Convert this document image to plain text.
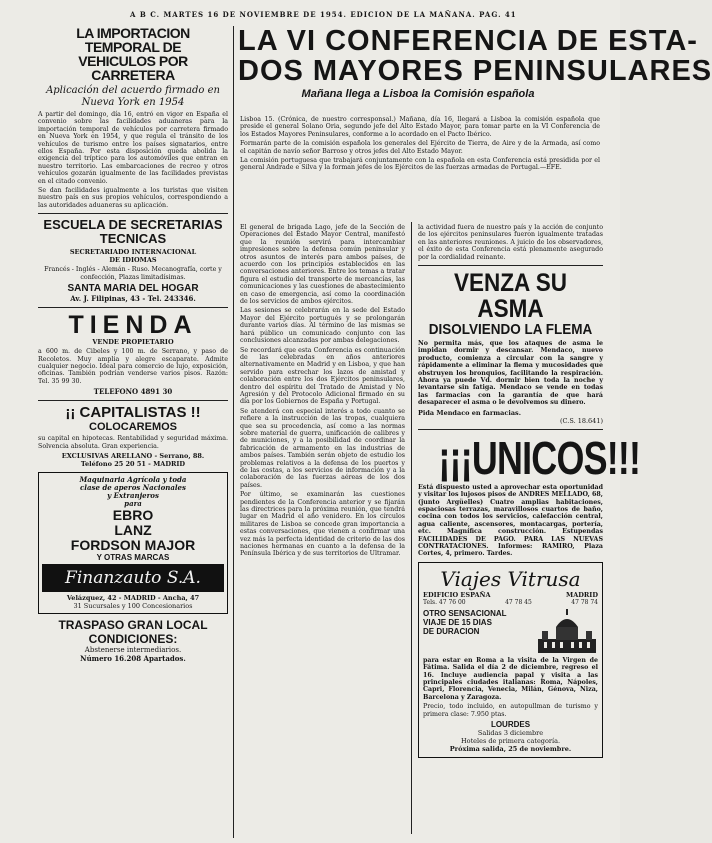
A B C. MARTES 16 DE NOVIEMBRE DE 1954. EDICION DE LA MAÑANA. PAG. 41
LA IMPORTACION TEMPORAL DE
VEHICULOS POR CARRETERA
Aplicación del acuerdo firmado en
Nueva York en 1954

A partir del domingo, día 16, entró en vigor en España el convenio sobre las facilidades aduaneras para la importación temporal de vehículos por carretera firmado en Nueva York en 1954, y que regula el tránsito de los vehículos de turismo entre los países signatarios, entre ellos España. Por esta disposición queda abolida la exigencia del tríptico para los automóviles que entran en nuestro territorio. Las embarcaciones de recreo y otros vehículos gozarán igualmente de las facilidades previstas en el citado convenio.

Se dan facilidades igualmente a los turistas que visiten nuestro país en sus propios vehículos, correspondiendo a las autoridades aduaneras su aplicación.

ESCUELA DE SECRETARIAS
TECNICAS
SECRETARIADO INTERNACIONAL
DE IDIOMAS
Francés - Inglés - Alemán - Ruso. Mecanografía, corte y confección, Plazas limitadísimas.
SANTA MARIA DEL HOGAR
Av. J. Filipinas, 43 - Tel. 243346.
TIENDA
VENDE PROPIETARIO

a 600 m. de Cibeles y 100 m. de Serrano, y paso de Recoletos. Muy amplia y alegre escaparate. Admite cualquier negocio. Ideal para comercio de lujo, exposición, oficinas. También podrían venderse varios pisos. Razón: Tel. 35 99 30.

TELEFONO 4891 30
¡¡ CAPITALISTAS !!
COLOCAREMOS

su capital en hipotecas. Rentabilidad y seguridad máxima. Solvencia absoluta. Gran experiencia.

EXCLUSIVAS ARELLANO - Serrano, 88.
Teléfono 25 20 51 - MADRID
Maquinaria Agrícola y toda
clase de aperos Nacionales
y Extranjeros
para
EBRO
LANZ
FORDSON MAJOR
Y OTRAS MARCAS
Finanzauto S.A.
Velázquez, 42 - MADRID - Ancha, 47
31 Sucursales y 100 Concesionarios
TRASPASO GRAN LOCAL
CONDICIONES:
Abstenerse intermediarios.
Número 16.208 Apartados.
LA VI CONFERENCIA DE ESTA-
DOS MAYORES PENINSULARES
Mañana llega a Lisboa la Comisión española

Lisboa 15. (Crónica, de nuestro corresponsal.) Mañana, día 16, llegará a Lisboa la comisión española que preside el general Solano Oria, segundo jefe del Alto Estado Mayor, para tomar parte en la VI Conferencia de los Estados Mayores Peninsulares, conforme a lo acordado en el Pacto Ibérico.

Formarán parte de la comisión española los generales del Ejército de Tierra, de Aire y de la Armada, así como el capitán de navío señor Barroso y otros jefes del Alto Estado Mayor.

La comisión portuguesa que trabajará conjuntamente con la española en esta Conferencia está presidida por el general Andrade e Silva y la forman jefes de los Ejércitos de las fuerzas armadas de Portugal.—EFE.

El general de brigada Lago, jefe de la Sección de Operaciones del Estado Mayor Central, manifestó que la reunión servirá para intercambiar impresiones sobre la defensa común peninsular y otros asuntos de interés para ambos países, de acuerdo con los principios establecidos en las conversaciones anteriores. Entre los temas a tratar figura el estudio del transporte de mercancías, las comunicaciones y las cuestiones de abastecimiento en caso de emergencia, así como la coordinación de los servicios de ambos ejércitos.

Las sesiones se celebrarán en la sede del Estado Mayor del Ejército portugués y se prolongarán durante varios días. Al término de las mismas se hará público un comunicado conjunto con las conclusiones alcanzadas por ambas delegaciones.

Se recordará que esta Conferencia es continuación de las celebradas en años anteriores alternativamente en Madrid y en Lisboa, y que han servido para estrechar los lazos de amistad y colaboración entre los dos Ejércitos peninsulares, dentro del espíritu del Tratado de Amistad y No Agresión y del Protocolo Adicional firmado en su día por los Gobiernos de España y Portugal.

Se atenderá con especial interés a todo cuanto se refiere a la instrucción de las tropas, cualquiera que sea su procedencia, así como a las normas sobre material de guerra, unificación de calibres y de municiones, y a la posibilidad de coordinar la fabricación de armamento en las industrias de ambos países. También serán objeto de estudio los problemas relativos a la defensa de los puertos y de las costas, a los servicios de información y a la colaboración de las fuerzas aéreas de los dos países.

Por último, se examinarán las cuestiones pendientes de la Conferencia anterior y se fijarán las directrices para la próxima reunión, que tendrá lugar en Madrid el año venidero. En los círculos militares de Lisboa se concede gran importancia a estas conversaciones, que vienen a confirmar una vez más la perfecta identidad de criterio de las dos naciones hermanas en cuanto a la defensa de la Península Ibérica y de sus territorios de Ultramar.

la actividad fuera de nuestro país y la acción de conjunto de los ejércitos peninsulares fueron igualmente tratadas en las anteriores reuniones. A juicio de los observadores, el éxito de esta Conferencia está plenamente asegurado por la cordialidad reinante.

VENZA SU ASMA
DISOLVIENDO LA FLEMA

No permita más, que los ataques de asma le impidan dormir y descansar. Mendaco, nuevo producto, comienza a circular con la sangre y rápidamente a eliminar la flema y mucosidades que obstruyen los bronquios, facilitando la respiración. Ahora ya puede Vd. dormir bien toda la noche y levantarse sin fatiga. Mendaco se vende en todas las farmacias con la garantía de que hará desaparecer el asma o le devolvemos su dinero.

Pida Mendaco en farmacias.
(C.S. 18.641)
¡¡¡UNICOS!!!

Está dispuesto usted a aprovechar esta oportunidad y visitar los lujosos pisos de ANDRES MELLADO, 68, (junto Argüelles) Cuatro amplias habitaciones, espaciosas terrazas, maravillosos cuartos de baño, cocina con todos los servicios, calefacción central, agua caliente, ascensores, montacargas, portería, etc. Magnífica construcción. Estupendas FACILIDADES DE PAGO. PARA LAS NUEVAS CONTRATACIONES. Informes: RAMIRO, Plaza Cortes, 4, primero. Tardes.

Viajes Vitrusa
EDIFICIO ESPAÑA	MADRID
Tels. 47 76 00	47 78 45	47 78 74
OTRO SENSACIONAL
VIAJE DE 15 DIAS
DE DURACION

para estar en Roma a la visita de la Virgen de Fátima. Salida el día 2 de diciembre, regreso el 16. Incluye audiencia papal y visita a las principales ciudades italianas: Roma, Nápoles, Capri, Florencia, Venecia, Milán, Génova, Niza, Barcelona y Zaragoza.

Precio, todo incluido, en autopullman de turismo y primera clase: 7.950 ptas.

LOURDES
Salidas 3 diciembre
Hoteles de primera categoría.
Próxima salida, 25 de noviembre.
